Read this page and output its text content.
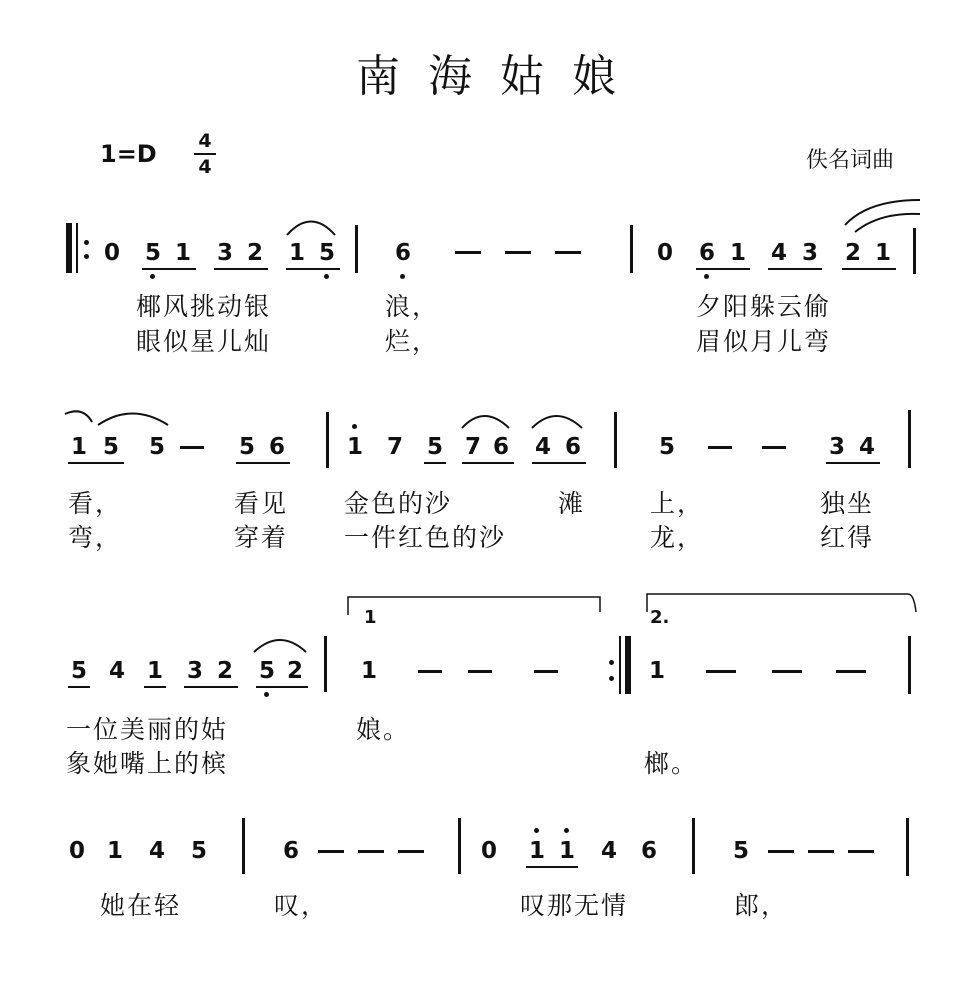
南海姑娘
1=D 4
4	佚名词曲
0 5 1 3 2 1 5	6	0 6 1 4 3 2 1
椰风挑动银	浪，	夕阳躲云偷
眼似星儿灿	烂，	眉似月儿弯
1 5 5	5 6	1 7 5 7 6 4 6	5	3 4
看，	看见 金色的沙	滩	上，	独坐
弯，	穿着 一件红色的沙	龙，	红得
1	2.
5 4 1 3 2 5 2	1	1
一位美丽的姑	娘。
象她嘴上的槟	榔。
0 1 4 5	6	0 1 1 4 6	5
她在轻	叹，	叹那无情	郎，
